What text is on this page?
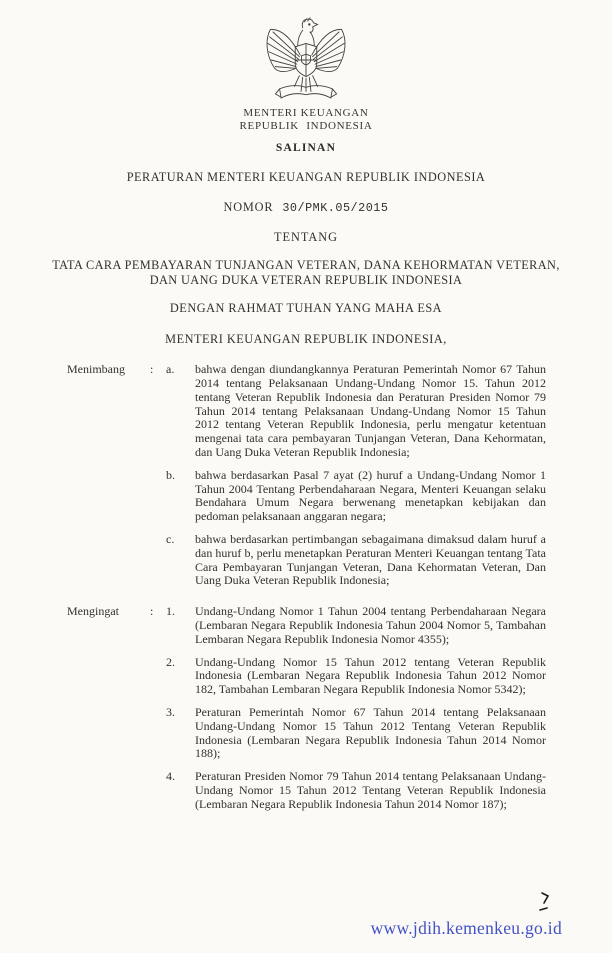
MENTERI KEUANGAN
REPUBLIK INDONESIA
SALINAN
PERATURAN MENTERI KEUANGAN REPUBLIK INDONESIA
NOMOR 30/PMK.05/2015
TENTANG
TATA CARA PEMBAYARAN TUNJANGAN VETERAN, DANA KEHORMATAN VETERAN, DAN UANG DUKA VETERAN REPUBLIK INDONESIA
DENGAN RAHMAT TUHAN YANG MAHA ESA
MENTERI KEUANGAN REPUBLIK INDONESIA,
Menimbang	:	a.	bahwa dengan diundangkannya Peraturan Pemerintah Nomor 67 Tahun 2014 tentang Pelaksanaan Undang-Undang Nomor 15. Tahun 2012 tentang Veteran Republik Indonesia dan Peraturan Presiden Nomor 79 Tahun 2014 tentang Pelaksanaan Undang-Undang Nomor 15 Tahun 2012 tentang Veteran Republik Indonesia, perlu mengatur ketentuan mengenai tata cara pembayaran Tunjangan Veteran, Dana Kehormatan, dan Uang Duka Veteran Republik Indonesia;
b.	bahwa berdasarkan Pasal 7 ayat (2) huruf a Undang-Undang Nomor 1 Tahun 2004 Tentang Perbendaharaan Negara, Menteri Keuangan selaku Bendahara Umum Negara berwenang menetapkan kebijakan dan pedoman pelaksanaan anggaran negara;
c.	bahwa berdasarkan pertimbangan sebagaimana dimaksud dalam huruf a dan huruf b, perlu menetapkan Peraturan Menteri Keuangan tentang Tata Cara Pembayaran Tunjangan Veteran, Dana Kehormatan Veteran, Dan Uang Duka Veteran Republik Indonesia;
Mengingat	:	1.	Undang-Undang Nomor 1 Tahun 2004 tentang Perbendaharaan Negara (Lembaran Negara Republik Indonesia Tahun 2004 Nomor 5, Tambahan Lembaran Negara Republik Indonesia Nomor 4355);
2.	Undang-Undang Nomor 15 Tahun 2012 tentang Veteran Republik Indonesia (Lembaran Negara Republik Indonesia Tahun 2012 Nomor 182, Tambahan Lembaran Negara Republik Indonesia Nomor 5342);
3.	Peraturan Pemerintah Nomor 67 Tahun 2014 tentang Pelaksanaan Undang-Undang Nomor 15 Tahun 2012 Tentang Veteran Republik Indonesia (Lembaran Negara Republik Indonesia Tahun 2014 Nomor 188);
4.	Peraturan Presiden Nomor 79 Tahun 2014 tentang Pelaksanaan Undang-Undang Nomor 15 Tahun 2012 Tentang Veteran Republik Indonesia (Lembaran Negara Republik Indonesia Tahun 2014 Nomor 187);
www.jdih.kemenkeu.go.id
